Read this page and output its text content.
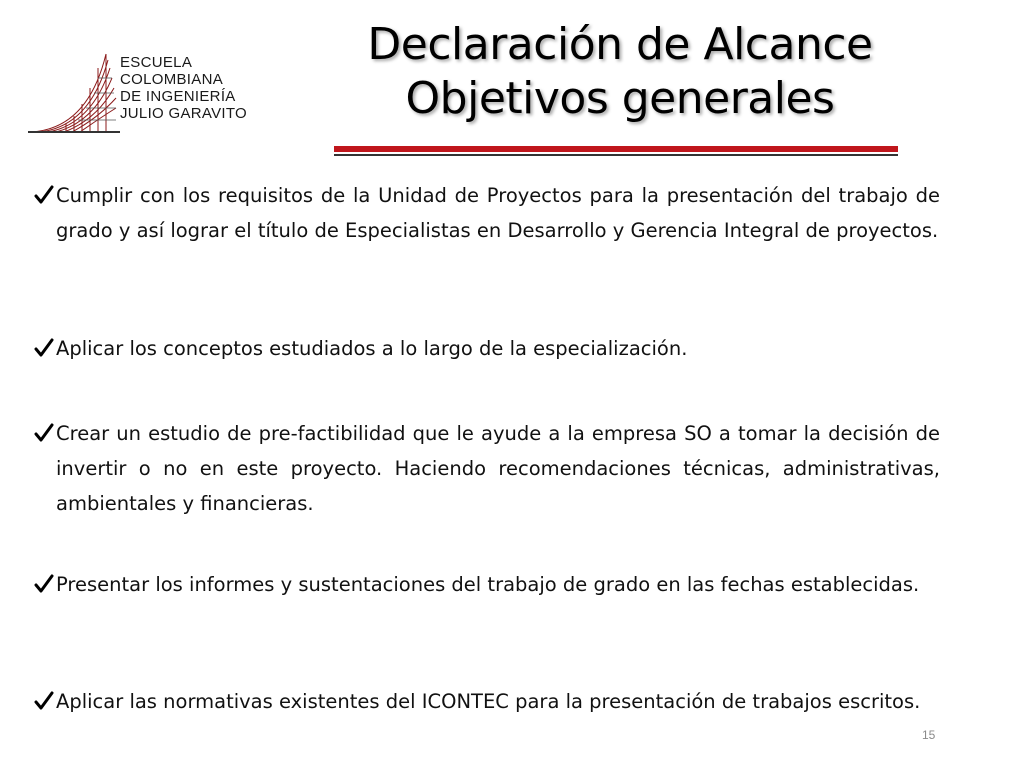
ESCUELA
COLOMBIANA
DE INGENIERÍA
JULIO GARAVITO
Declaración de Alcance
Objetivos generales
Cumplir con los requisitos de la Unidad de Proyectos para la presentación del trabajo de grado y así lograr el título de Especialistas en Desarrollo y Gerencia Integral de proyectos.
Aplicar los conceptos estudiados a lo largo de la especialización.
Crear un estudio de pre-factibilidad que le ayude a la empresa SO a tomar la decisión de invertir o no en este proyecto. Haciendo recomendaciones técnicas, administrativas, ambientales y financieras.
Presentar los informes y sustentaciones del trabajo de grado en las fechas establecidas.
Aplicar las normativas existentes del ICONTEC para la presentación de trabajos escritos.
15
